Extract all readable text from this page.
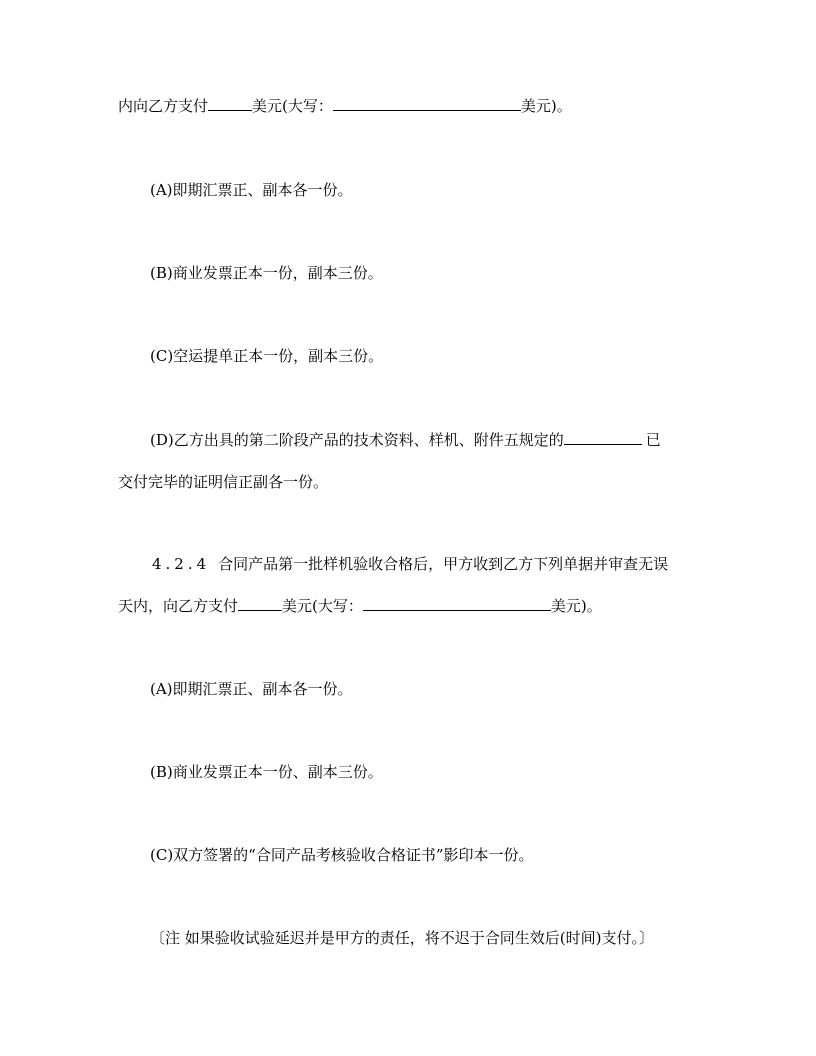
内向乙方支付	美元(大写：	美元)。
(A)即期汇票正、副本各一份。
(B)商业发票正本一份，副本三份。
(C)空运提单正本一份，副本三份。
(D)乙方出具的第二阶段产品的技术资料、样机、附件五规定的	已
交付完毕的证明信正副各一份。
4.2.4 合同产品第一批样机验收合格后，甲方收到乙方下列单据并审查无误
天内，向乙方支付	美元(大写：	美元)。
(A)即期汇票正、副本各一份。
(B)商业发票正本一份、副本三份。
(C)双方签署的“合同产品考核验收合格证书”影印本一份。
〔注 如果验收试验延迟并是甲方的责任，将不迟于合同生效后(时间)支付。〕
